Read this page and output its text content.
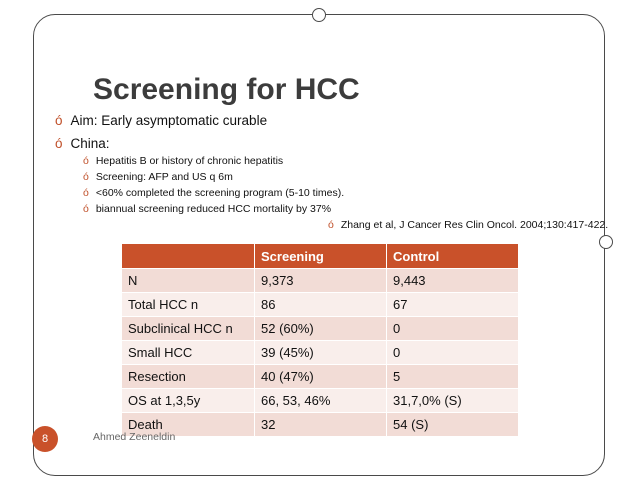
Screening for HCC
ó Aim: Early asymptomatic curable
ó China:
ó Hepatitis B or history of chronic hepatitis
ó Screening: AFP and US q 6m
ó <60% completed the screening program (5-10 times).
ó biannual screening reduced HCC mortality by 37%
ó Zhang et al, J Cancer Res Clin Oncol. 2004;130:417-422.
	Screening	Control
N	9,373	9,443
Total HCC n	86	67
Subclinical HCC n	52 (60%)	0
Small HCC	39 (45%)	0
Resection	40 (47%)	5
OS at 1,3,5y	66, 53, 46%	31,7,0% (S)
Death	32	54 (S)
8	Ahmed Zeeneldin
